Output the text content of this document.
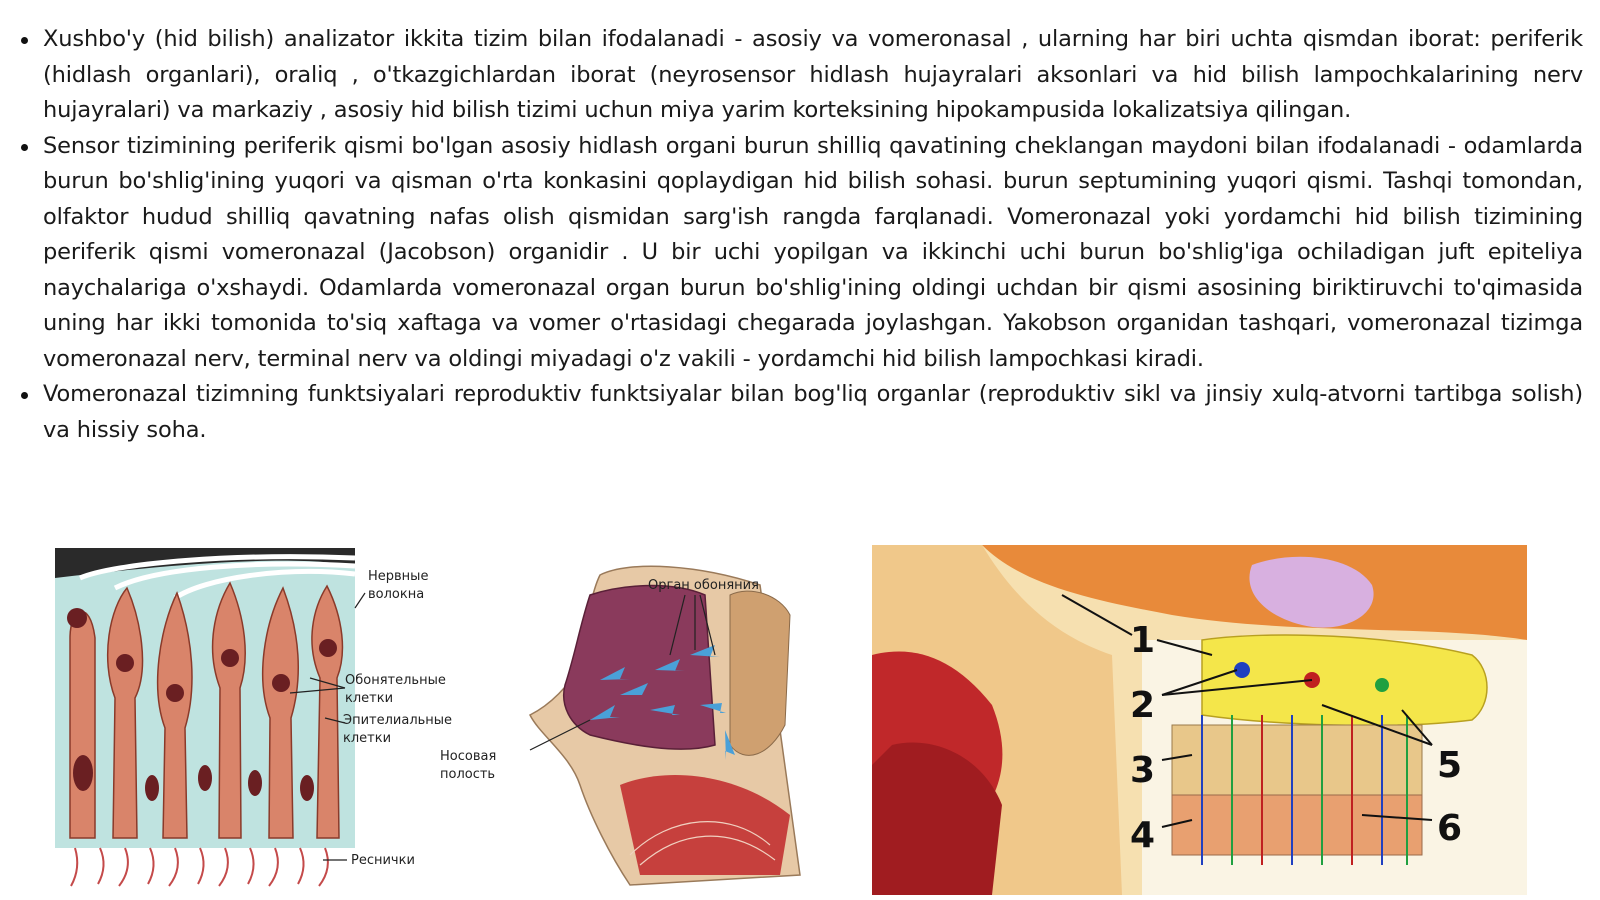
Xushbo'y (hid bilish) analizator ikkita tizim bilan ifodalanadi - asosiy va vomeronasal , ularning har biri uchta qismdan iborat: periferik (hidlash organlari), oraliq , o'tkazgichlardan iborat (neyrosensor hidlash hujayralari aksonlari va hid bilish lampochkalarining nerv hujayralari) va markaziy , asosiy hid bilish tizimi uchun miya yarim korteksining hipokampusida lokalizatsiya qilingan.
Sensor tizimining periferik qismi bo'lgan asosiy hidlash organi burun shilliq qavatining cheklangan maydoni bilan ifodalanadi - odamlarda burun bo'shlig'ining yuqori va qisman o'rta konkasini qoplaydigan hid bilish sohasi. burun septumining yuqori qismi. Tashqi tomondan, olfaktor hudud shilliq qavatning nafas olish qismidan sarg'ish rangda farqlanadi. Vomeronazal yoki yordamchi hid bilish tizimining periferik qismi vomeronazal (Jacobson) organidir . U bir uchi yopilgan va ikkinchi uchi burun bo'shlig'iga ochiladigan juft epiteliya naychalariga o'xshaydi. Odamlarda vomeronazal organ burun bo'shlig'ining oldingi uchdan bir qismi asosining biriktiruvchi to'qimasida uning har ikki tomonida to'siq xaftaga va vomer o'rtasidagi chegarada joylashgan. Yakobson organidan tashqari, vomeronazal tizimga vomeronazal nerv, terminal nerv va oldingi miyadagi o'z vakili - yordamchi hid bilish lampochkasi kiradi.
Vomeronazal tizimning funktsiyalari reproduktiv funktsiyalar bilan bog'liq organlar (reproduktiv sikl va jinsiy xulq-atvorni tartibga solish) va hissiy soha.
Нервные
волокна
Обонятельные
клетки
Эпителиальные
клетки
Реснички
Орган обоняния
Носовая
полость
1
2
3
4
5
6
